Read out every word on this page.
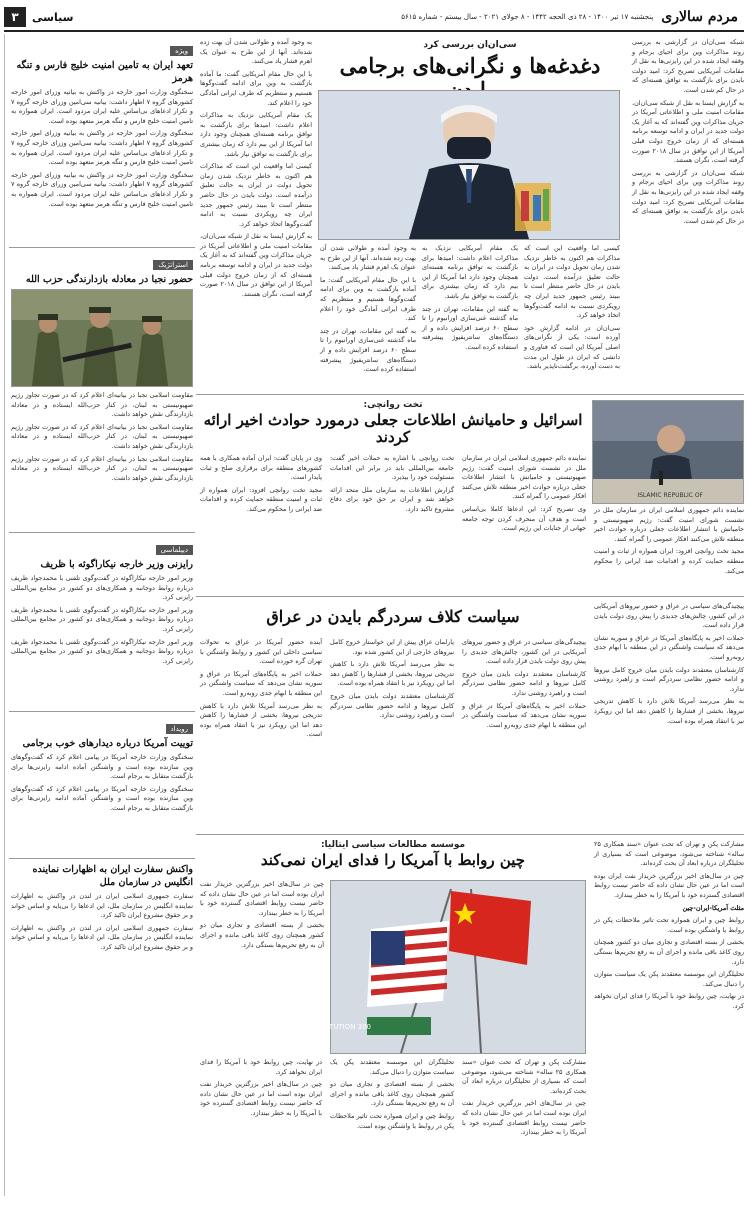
مردم سالاری
پنجشنبه ۱۷ تیر ۱۴۰۰ - ۲۸ ذی الحجه ۱۴۴۲ - ۸ جولای ۲۰۲۱ - سال بیستم - شماره ۵۶۱۵
سیاسی
۳

شبکه سی‌ان‌ان در گزارشی به بررسی روند مذاکرات وین برای احیای برجام و وقفه ایجاد شده در این رایزنی‌ها به نقل از مقامات آمریکایی تصریح کرد: امید دولت بایدن برای بازگشت به توافق هسته‌ای که در حال کم شدن است.

به گزارش ایسنا به نقل از شبکه سی‌ان‌ان، مقامات امنیت ملی و اطلاعاتی آمریکا در جریان مذاکرات وین گفته‌اند که به آغاز یک دولت جدید در ایران و ادامه توسعه برنامه هسته‌ای که از زمان خروج دولت قبلی آمریکا از این توافق در سال ۲۰۱۸ صورت گرفته است، نگران هستند.

شبکه سی‌ان‌ان در گزارشی به بررسی روند مذاکرات وین برای احیای برجام و وقفه ایجاد شده در این رایزنی‌ها به نقل از مقامات آمریکایی تصریح کرد: امید دولت بایدن برای بازگشت به توافق هسته‌ای که در حال کم شدن است.

سی‌ان‌ان بررسی کرد
دغدغه‌ها و نگرانی‌های برجامی

کیسی اما واقعیت این است که مذاکرات هم اکنون به خاطر نزدیک شدن زمان تحویل دولت در ایران به حالت تعلیق درآمده است. دولت بایدن در حال حاضر منتظر است تا ببیند رئیس جمهور جدید ایران چه رویکردی نسبت به ادامه گفت‌وگوها اتخاذ خواهد کرد.

سی‌ان‌ان در ادامه گزارش خود آورده است: یکی از نگرانی‌های اصلی آمریکا این است که فناوری و دانشی که ایران در طول این مدت به دست آورده، برگشت‌ناپذیر باشد.

یک مقام آمریکایی نزدیک به مذاکرات اعلام داشت: امیدها برای بازگشت به توافق برنامه هسته‌ای همچنان وجود دارد اما آمریکا از این بیم دارد که زمان بیشتری برای بازگشت به توافق نیاز باشد.

به گفته این مقامات، تهران در چند ماه گذشته غنی‌سازی اورانیوم را تا سطح ۶۰ درصد افزایش داده و از دستگاه‌های سانتریفیوژ پیشرفته استفاده کرده است.

به وجود آمده و طولانی شدن آن بهت زده شده‌اند. آنها از این طرح به عنوان یک اهرم فشار یاد می‌کنند.

با این حال مقام آمریکایی گفت: ما آماده بازگشت به وین برای ادامه گفت‌وگوها هستیم و منتظریم که طرف ایرانی آمادگی خود را اعلام کند.

به گفته این مقامات، تهران در چند ماه گذشته غنی‌سازی اورانیوم را تا سطح ۶۰ درصد افزایش داده و از دستگاه‌های سانتریفیوژ پیشرفته استفاده کرده است.

به وجود آمده و طولانی شدن آن بهت زده شده‌اند. آنها از این طرح به عنوان یک اهرم فشار یاد می‌کنند.

با این حال مقام آمریکایی گفت: ما آماده بازگشت به وین برای ادامه گفت‌وگوها هستیم و منتظریم که طرف ایرانی آمادگی خود را اعلام کند.

یک مقام آمریکایی نزدیک به مذاکرات اعلام داشت: امیدها برای بازگشت به توافق برنامه هسته‌ای همچنان وجود دارد اما آمریکا از این بیم دارد که زمان بیشتری برای بازگشت به توافق نیاز باشد.

کیسی اما واقعیت این است که مذاکرات هم اکنون به خاطر نزدیک شدن زمان تحویل دولت در ایران به حالت تعلیق درآمده است. دولت بایدن در حال حاضر منتظر است تا ببیند رئیس جمهور جدید ایران چه رویکردی نسبت به ادامه گفت‌وگوها اتخاذ خواهد کرد.

به گزارش ایسنا به نقل از شبکه سی‌ان‌ان، مقامات امنیت ملی و اطلاعاتی آمریکا در جریان مذاکرات وین گفته‌اند که به آغاز یک دولت جدید در ایران و ادامه توسعه برنامه هسته‌ای که از زمان خروج دولت قبلی آمریکا از این توافق در سال ۲۰۱۸ صورت گرفته است، نگران هستند.

ISLAMIC REPUBLIC OF

نماینده دائم جمهوری اسلامی ایران در سازمان ملل در نشست شورای امنیت گفت: رژیم صهیونیستی و حامیانش با انتشار اطلاعات جعلی درباره حوادث اخیر منطقه تلاش می‌کنند افکار عمومی را گمراه کنند.

مجید تخت روانچی افزود: ایران همواره از ثبات و امنیت منطقه حمایت کرده و اقدامات ضد ایرانی را محکوم می‌کند.

تخت روانچی:
اسرائیل و حامیانش اطلاعات جعلی درمورد حوادث اخیر ارائه کردند

نماینده دائم جمهوری اسلامی ایران در سازمان ملل در نشست شورای امنیت گفت: رژیم صهیونیستی و حامیانش با انتشار اطلاعات جعلی درباره حوادث اخیر منطقه تلاش می‌کنند افکار عمومی را گمراه کنند.

وی تصریح کرد: این ادعاها کاملا بی‌اساس است و هدف آن منحرف کردن توجه جامعه جهانی از جنایات این رژیم است.

تخت روانچی با اشاره به حملات اخیر گفت: جامعه بین‌المللی باید در برابر این اقدامات مسئولیت خود را بپذیرد.

گزارش اطلاعات به سازمان ملل متحد ارائه خواهد شد و ایران بر حق خود برای دفاع مشروع تاکید دارد.

وی در پایان گفت: ایران آماده همکاری با همه کشورهای منطقه برای برقراری صلح و ثبات پایدار است.

مجید تخت روانچی افزود: ایران همواره از ثبات و امنیت منطقه حمایت کرده و اقدامات ضد ایرانی را محکوم می‌کند.

پیچیدگی‌های سیاسی در عراق و حضور نیروهای آمریکایی در این کشور، چالش‌های جدیدی را پیش روی دولت بایدن قرار داده است.

حملات اخیر به پایگاه‌های آمریکا در عراق و سوریه نشان می‌دهد که سیاست واشنگتن در این منطقه با ابهام جدی روبه‌رو است.

کارشناسان معتقدند دولت بایدن میان خروج کامل نیروها و ادامه حضور نظامی سردرگم است و راهبرد روشنی ندارد.

به نظر می‌رسد آمریکا تلاش دارد با کاهش تدریجی نیروها، بخشی از فشارها را کاهش دهد اما این رویکرد نیز با انتقاد همراه بوده است.

سیاست کلاف سردرگم بایدن در عراق

پیچیدگی‌های سیاسی در عراق و حضور نیروهای آمریکایی در این کشور، چالش‌های جدیدی را پیش روی دولت بایدن قرار داده است.

کارشناسان معتقدند دولت بایدن میان خروج کامل نیروها و ادامه حضور نظامی سردرگم است و راهبرد روشنی ندارد.

حملات اخیر به پایگاه‌های آمریکا در عراق و سوریه نشان می‌دهد که سیاست واشنگتن در این منطقه با ابهام جدی روبه‌رو است.

پارلمان عراق پیش از این خواستار خروج کامل نیروهای خارجی از این کشور شده بود.

به نظر می‌رسد آمریکا تلاش دارد با کاهش تدریجی نیروها، بخشی از فشارها را کاهش دهد اما این رویکرد نیز با انتقاد همراه بوده است.

کارشناسان معتقدند دولت بایدن میان خروج کامل نیروها و ادامه حضور نظامی سردرگم است و راهبرد روشنی ندارد.

آینده حضور آمریکا در عراق به تحولات سیاسی داخلی این کشور و روابط واشنگتن با تهران گره خورده است.

حملات اخیر به پایگاه‌های آمریکا در عراق و سوریه نشان می‌دهد که سیاست واشنگتن در این منطقه با ابهام جدی روبه‌رو است.

به نظر می‌رسد آمریکا تلاش دارد با کاهش تدریجی نیروها، بخشی از فشارها را کاهش دهد اما این رویکرد نیز با انتقاد همراه بوده است.

موسسه مطالعات سیاسی ایتالیا:
چین روابط با آمریکا را فدای ایران نمی‌کند

مشارکت پکن و تهران که تحت عنوان «سند همکاری ۲۵ ساله» شناخته می‌شود، موضوعی است که بسیاری از تحلیلگران درباره ابعاد آن بحث کرده‌اند.

چین در سال‌های اخیر بزرگترین خریدار نفت ایران بوده است اما در عین حال نشان داده که حاضر نیست روابط اقتصادی گسترده خود با آمریکا را به خطر بیندازد.

مثلث آمریکا-ایران-چین

روابط چین و ایران همواره تحت تاثیر ملاحظات پکن در روابط با واشنگتن بوده است.

بخشی از بسته اقتصادی و تجاری میان دو کشور همچنان روی کاغذ باقی مانده و اجرای آن به رفع تحریم‌ها بستگی دارد.

تحلیلگران این موسسه معتقدند پکن یک سیاست متوازن را دنبال می‌کند.

در نهایت، چین روابط خود با آمریکا را فدای ایران نخواهد کرد.

CONSTITUTION 300

چین در سال‌های اخیر بزرگترین خریدار نفت ایران بوده است اما در عین حال نشان داده که حاضر نیست روابط اقتصادی گسترده خود با آمریکا را به خطر بیندازد.

بخشی از بسته اقتصادی و تجاری میان دو کشور همچنان روی کاغذ باقی مانده و اجرای آن به رفع تحریم‌ها بستگی دارد.

مشارکت پکن و تهران که تحت عنوان «سند همکاری ۲۵ ساله» شناخته می‌شود، موضوعی است که بسیاری از تحلیلگران درباره ابعاد آن بحث کرده‌اند.

چین در سال‌های اخیر بزرگترین خریدار نفت ایران بوده است اما در عین حال نشان داده که حاضر نیست روابط اقتصادی گسترده خود با آمریکا را به خطر بیندازد.

تحلیلگران این موسسه معتقدند پکن یک سیاست متوازن را دنبال می‌کند.

بخشی از بسته اقتصادی و تجاری میان دو کشور همچنان روی کاغذ باقی مانده و اجرای آن به رفع تحریم‌ها بستگی دارد.

روابط چین و ایران همواره تحت تاثیر ملاحظات پکن در روابط با واشنگتن بوده است.

در نهایت، چین روابط خود با آمریکا را فدای ایران نخواهد کرد.

چین در سال‌های اخیر بزرگترین خریدار نفت ایران بوده است اما در عین حال نشان داده که حاضر نیست روابط اقتصادی گسترده خود با آمریکا را به خطر بیندازد.

ویژه
تعهد ایران به تامین امنیت خلیج فارس و تنگه هرمز

سخنگوی وزارت امور خارجه در واکنش به بیانیه وزرای امور خارجه کشورهای گروه ۷ اظهار داشت: بیانیه سی‌امین وزرای خارجه گروه ۷ و تکرار ادعاهای بی‌اساس علیه ایران مردود است. ایران همواره به تامین امنیت خلیج فارس و تنگه هرمز متعهد بوده است.

سخنگوی وزارت امور خارجه در واکنش به بیانیه وزرای امور خارجه کشورهای گروه ۷ اظهار داشت: بیانیه سی‌امین وزرای خارجه گروه ۷ و تکرار ادعاهای بی‌اساس علیه ایران مردود است. ایران همواره به تامین امنیت خلیج فارس و تنگه هرمز متعهد بوده است.

سخنگوی وزارت امور خارجه در واکنش به بیانیه وزرای امور خارجه کشورهای گروه ۷ اظهار داشت: بیانیه سی‌امین وزرای خارجه گروه ۷ و تکرار ادعاهای بی‌اساس علیه ایران مردود است. ایران همواره به تامین امنیت خلیج فارس و تنگه هرمز متعهد بوده است.

استراتژیک
حضور نجبا در معادله بازدارندگی حزب الله

مقاومت اسلامی نجبا در بیانیه‌ای اعلام کرد که در صورت تجاوز رژیم صهیونیستی به لبنان، در کنار حزب‌الله ایستاده و در معادله بازدارندگی نقش خواهد داشت.

مقاومت اسلامی نجبا در بیانیه‌ای اعلام کرد که در صورت تجاوز رژیم صهیونیستی به لبنان، در کنار حزب‌الله ایستاده و در معادله بازدارندگی نقش خواهد داشت.

مقاومت اسلامی نجبا در بیانیه‌ای اعلام کرد که در صورت تجاوز رژیم صهیونیستی به لبنان، در کنار حزب‌الله ایستاده و در معادله بازدارندگی نقش خواهد داشت.

دیپلماسی
رایزنی وزیر خارجه نیکاراگوئه با ظریف

وزیر امور خارجه نیکاراگوئه در گفت‌وگوی تلفنی با محمدجواد ظریف درباره روابط دوجانبه و همکاری‌های دو کشور در مجامع بین‌المللی رایزنی کرد.

وزیر امور خارجه نیکاراگوئه در گفت‌وگوی تلفنی با محمدجواد ظریف درباره روابط دوجانبه و همکاری‌های دو کشور در مجامع بین‌المللی رایزنی کرد.

وزیر امور خارجه نیکاراگوئه در گفت‌وگوی تلفنی با محمدجواد ظریف درباره روابط دوجانبه و همکاری‌های دو کشور در مجامع بین‌المللی رایزنی کرد.

رویداد
توییت آمریکا درباره دیدارهای خوب برجامی

سخنگوی وزارت خارجه آمریکا در پیامی اعلام کرد که گفت‌وگوهای وین سازنده بوده است و واشنگتن آماده ادامه رایزنی‌ها برای بازگشت متقابل به برجام است.

سخنگوی وزارت خارجه آمریکا در پیامی اعلام کرد که گفت‌وگوهای وین سازنده بوده است و واشنگتن آماده ادامه رایزنی‌ها برای بازگشت متقابل به برجام است.

واکنش سفارت ایران به اظهارات نماینده انگلیس در سازمان ملل

سفارت جمهوری اسلامی ایران در لندن در واکنش به اظهارات نماینده انگلیس در سازمان ملل، این ادعاها را بی‌پایه و اساس خواند و بر حقوق مشروع ایران تاکید کرد.

سفارت جمهوری اسلامی ایران در لندن در واکنش به اظهارات نماینده انگلیس در سازمان ملل، این ادعاها را بی‌پایه و اساس خواند و بر حقوق مشروع ایران تاکید کرد.
